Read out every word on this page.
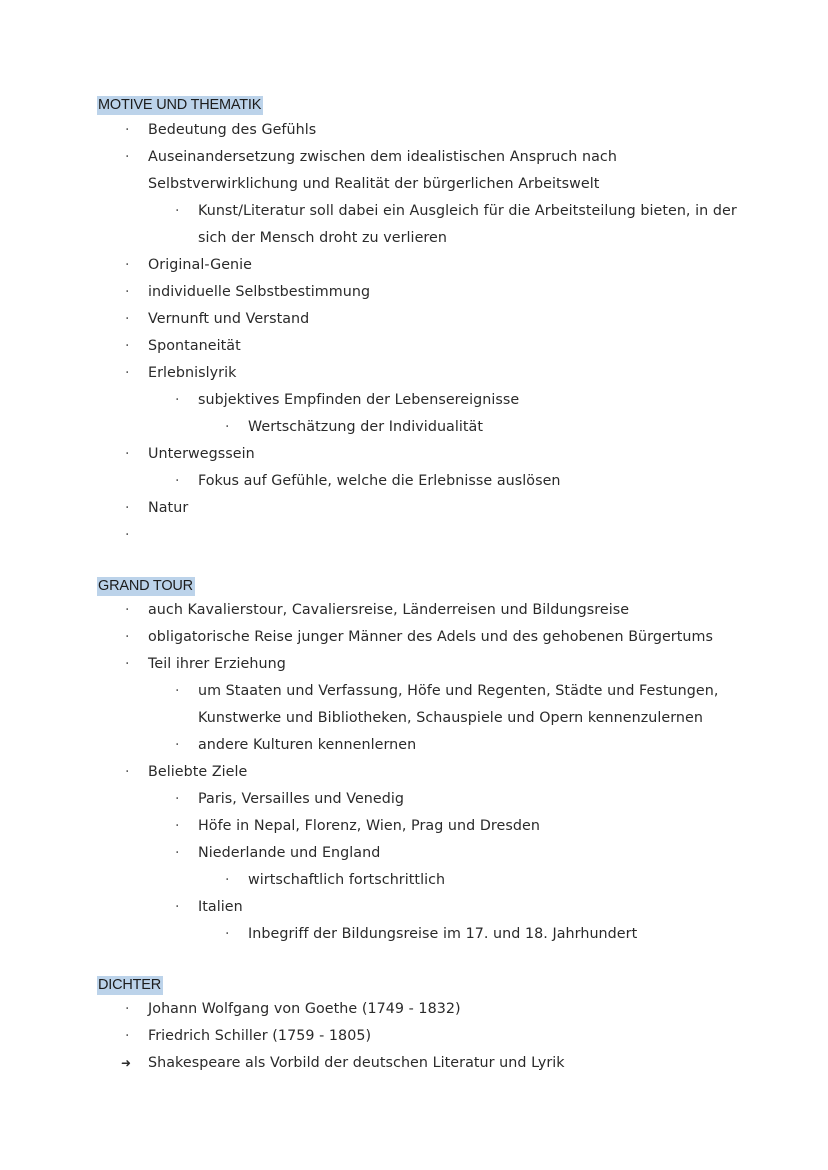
MOTIVE UND THEMATIK
· Bedeutung des Gefühls
· Auseinandersetzung zwischen dem idealistischen Anspruch nach
Selbstverwirklichung und Realität der bürgerlichen Arbeitswelt
· Kunst/Literatur soll dabei ein Ausgleich für die Arbeitsteilung bieten, in der
sich der Mensch droht zu verlieren
· Original-Genie
· individuelle Selbstbestimmung
· Vernunft und Verstand
· Spontaneität
· Erlebnislyrik
· subjektives Empfinden der Lebensereignisse
· Wertschätzung der Individualität
· Unterwegssein
· Fokus auf Gefühle, welche die Erlebnisse auslösen
· Natur
·
GRAND TOUR
· auch Kavalierstour, Cavaliersreise, Länderreisen und Bildungsreise
· obligatorische Reise junger Männer des Adels und des gehobenen Bürgertums
· Teil ihrer Erziehung
· um Staaten und Verfassung, Höfe und Regenten, Städte und Festungen,
Kunstwerke und Bibliotheken, Schauspiele und Opern kennenzulernen
· andere Kulturen kennenlernen
· Beliebte Ziele
· Paris, Versailles und Venedig
· Höfe in Nepal, Florenz, Wien, Prag und Dresden
· Niederlande und England
· wirtschaftlich fortschrittlich
· Italien
· Inbegriff der Bildungsreise im 17. und 18. Jahrhundert
DICHTER
· Johann Wolfgang von Goethe (1749 - 1832)
· Friedrich Schiller (1759 - 1805)
➜ Shakespeare als Vorbild der deutschen Literatur und Lyrik
